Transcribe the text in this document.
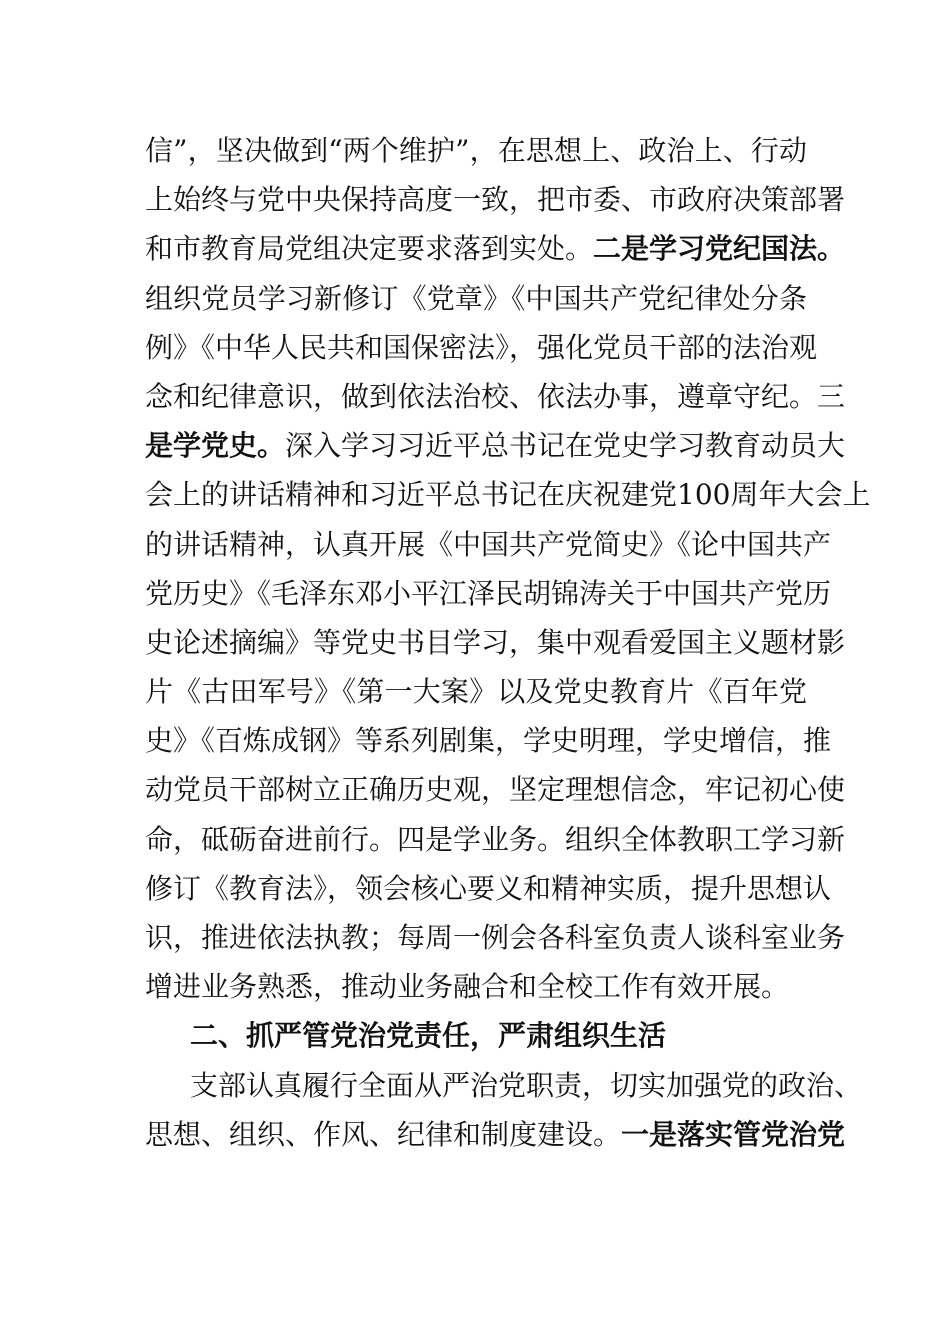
信”，坚决做到“两个维护”，在思想上、政治上、行动
上始终与党中央保持高度一致，把市委、市政府决策部署
和市教育局党组决定要求落到实处。二是学习党纪国法。
组织党员学习新修订《党章》《中国共产党纪律处分条
例》《中华人民共和国保密法》，强化党员干部的法治观
念和纪律意识，做到依法治校、依法办事，遵章守纪。三
是学党史。深入学习习近平总书记在党史学习教育动员大
会上的讲话精神和习近平总书记在庆祝建党100周年大会上
的讲话精神，认真开展《中国共产党简史》《论中国共产
党历史》《毛泽东邓小平江泽民胡锦涛关于中国共产党历
史论述摘编》等党史书目学习，集中观看爱国主义题材影
片《古田军号》《第一大案》以及党史教育片《百年党
史》《百炼成钢》等系列剧集，学史明理，学史增信，推
动党员干部树立正确历史观，坚定理想信念，牢记初心使
命，砥砺奋进前行。四是学业务。组织全体教职工学习新
修订《教育法》，领会核心要义和精神实质，提升思想认
识，推进依法执教；每周一例会各科室负责人谈科室业务
增进业务熟悉，推动业务融合和全校工作有效开展。
二、抓严管党治党责任，严肃组织生活
支部认真履行全面从严治党职责，切实加强党的政治、
思想、组织、作风、纪律和制度建设。一是落实管党治党
